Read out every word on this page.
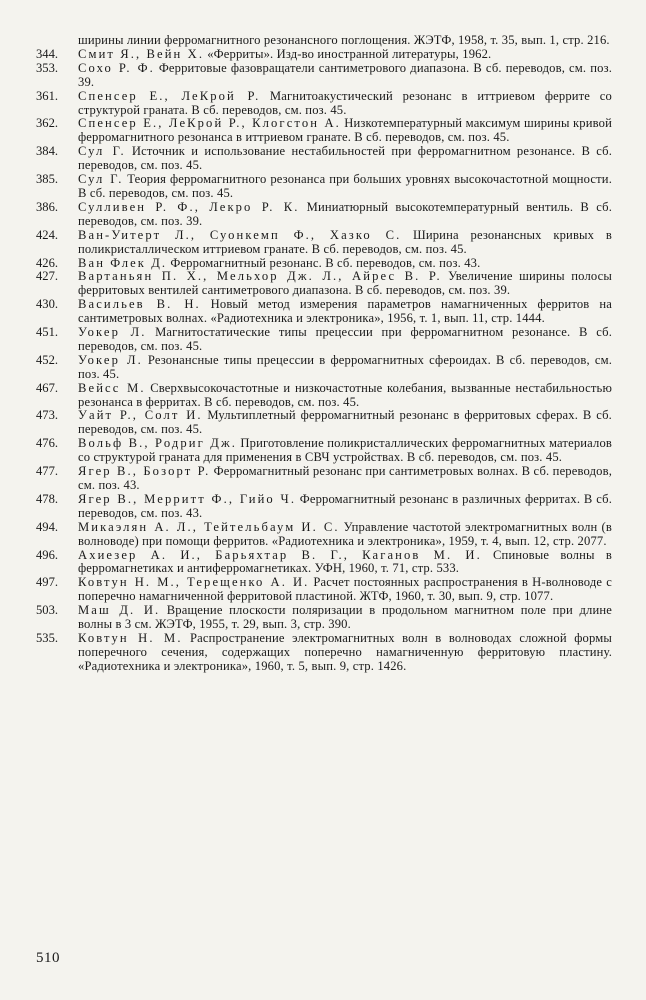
ширины линии ферромагнитного резонансного поглощения. ЖЭТФ, 1958, т. 35, вып. 1, стр. 216.
344.	Смит Я., Вейн Х. «Ферриты». Изд-во иностранной литературы, 1962.
353.	Сохо Р. Ф. Ферритовые фазовращатели сантиметрового диапазона. В сб. переводов, см. поз. 39.
361.	Спенсер Е., ЛеКрой Р. Магнитоакустический резонанс в иттриевом феррите со структурой граната. В сб. переводов, см. поз. 45.
362.	Спенсер Е., ЛеКрой Р., Клогстон А. Низкотемпературный максимум ширины кривой ферромагнитного резонанса в иттриевом гранате. В сб. переводов, см. поз. 45.
384.	Сул Г. Источник и использование нестабильностей при ферромагнитном резонансе. В сб. переводов, см. поз. 45.
385.	Сул Г. Теория ферромагнитного резонанса при больших уровнях высокочастотной мощности. В сб. переводов, см. поз. 45.
386.	Сулливен Р. Ф., Лекро Р. К. Миниатюрный высокотемпературный вентиль. В сб. переводов, см. поз. 39.
424.	Ван-Уитерт Л., Суонкемп Ф., Хазко С. Ширина резонансных кривых в поликристаллическом иттриевом гранате. В сб. переводов, см. поз. 45.
426.	Ван Флек Д. Ферромагнитный резонанс. В сб. переводов, см. поз. 43.
427.	Вартаньян П. Х., Мельхор Дж. Л., Айрес В. Р. Увеличение ширины полосы ферритовых вентилей сантиметрового диапазона. В сб. переводов, см. поз. 39.
430.	Васильев В. Н. Новый метод измерения параметров намагниченных ферритов на сантиметровых волнах. «Радиотехника и электроника», 1956, т. 1, вып. 11, стр. 1444.
451.	Уокер Л. Магнитостатические типы прецессии при ферромагнитном резонансе. В сб. переводов, см. поз. 45.
452.	Уокер Л. Резонансные типы прецессии в ферромагнитных сфероидах. В сб. переводов, см. поз. 45.
467.	Вейсс М. Сверхвысокочастотные и низкочастотные колебания, вызванные нестабильностью резонанса в ферритах. В сб. переводов, см. поз. 45.
473.	Уайт Р., Солт И. Мультиплетный ферромагнитный резонанс в ферритовых сферах. В сб. переводов, см. поз. 45.
476.	Вольф В., Родриг Дж. Приготовление поликристаллических ферромагнитных материалов со структурой граната для применения в СВЧ устройствах. В сб. переводов, см. поз. 45.
477.	Ягер В., Бозорт Р. Ферромагнитный резонанс при сантиметровых волнах. В сб. переводов, см. поз. 43.
478.	Ягер В., Мерритт Ф., Гийо Ч. Ферромагнитный резонанс в различных ферритах. В сб. переводов, см. поз. 43.
494.	Микаэлян А. Л., Тейтельбаум И. С. Управление частотой электромагнитных волн (в волноводе) при помощи ферритов. «Радиотехника и электроника», 1959, т. 4, вып. 12, стр. 2077.
496.	Ахиезер А. И., Барьяхтар В. Г., Каганов М. И. Спиновые волны в ферромагнетиках и антиферромагнетиках. УФН, 1960, т. 71, стр. 533.
497.	Ковтун Н. М., Терещенко А. И. Расчет постоянных распространения в Н-волноводе с поперечно намагниченной ферритовой пластиной. ЖТФ, 1960, т. 30, вып. 9, стр. 1077.
503.	Маш Д. И. Вращение плоскости поляризации в продольном магнитном поле при длине волны в 3 см. ЖЭТФ, 1955, т. 29, вып. 3, стр. 390.
535.	Ковтун Н. М. Распространение электромагнитных волн в волноводах сложной формы поперечного сечения, содержащих поперечно намагниченную ферритовую пластину. «Радиотехника и электроника», 1960, т. 5, вып. 9, стр. 1426.
510
